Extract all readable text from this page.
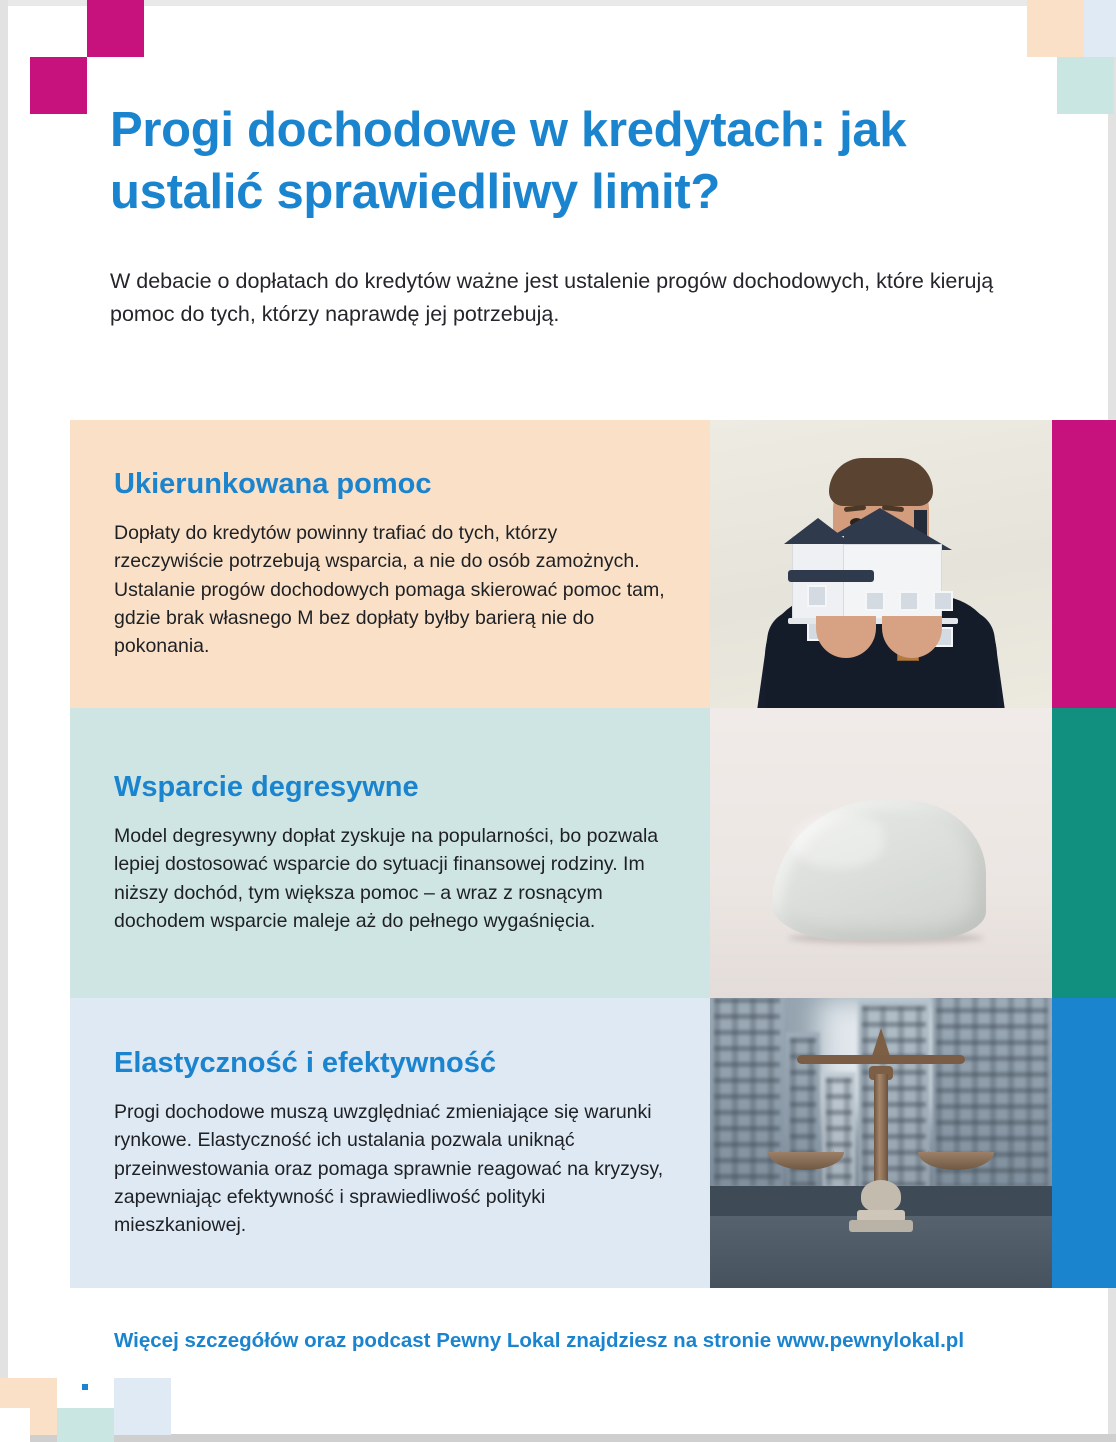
Progi dochodowe w kredytach: jak ustalić sprawiedliwy limit?

W debacie o dopłatach do kredytów ważne jest ustalenie progów dochodowych, które kierują pomoc do tych, którzy naprawdę jej potrzebują.

Ukierunkowana pomoc

Dopłaty do kredytów powinny trafiać do tych, którzy rzeczywiście potrzebują wsparcia, a nie do osób zamożnych. Ustalanie progów dochodowych pomaga skierować pomoc tam, gdzie brak własnego M bez dopłaty byłby barierą nie do pokonania.

Wsparcie degresywne

Model degresywny dopłat zyskuje na popularności, bo pozwala lepiej dostosować wsparcie do sytuacji finansowej rodziny. Im niższy dochód, tym większa pomoc – a wraz z rosnącym dochodem wsparcie maleje aż do pełnego wygaśnięcia.

Elastyczność i efektywność

Progi dochodowe muszą uwzględniać zmieniające się warunki rynkowe. Elastyczność ich ustalania pozwala uniknąć przeinwestowania oraz pomaga sprawnie reagować na kryzysy, zapewniając efektywność i sprawiedliwość polityki mieszkaniowej.

Więcej szczegółów oraz podcast Pewny Lokal znajdziesz na stronie www.pewnylokal.pl
